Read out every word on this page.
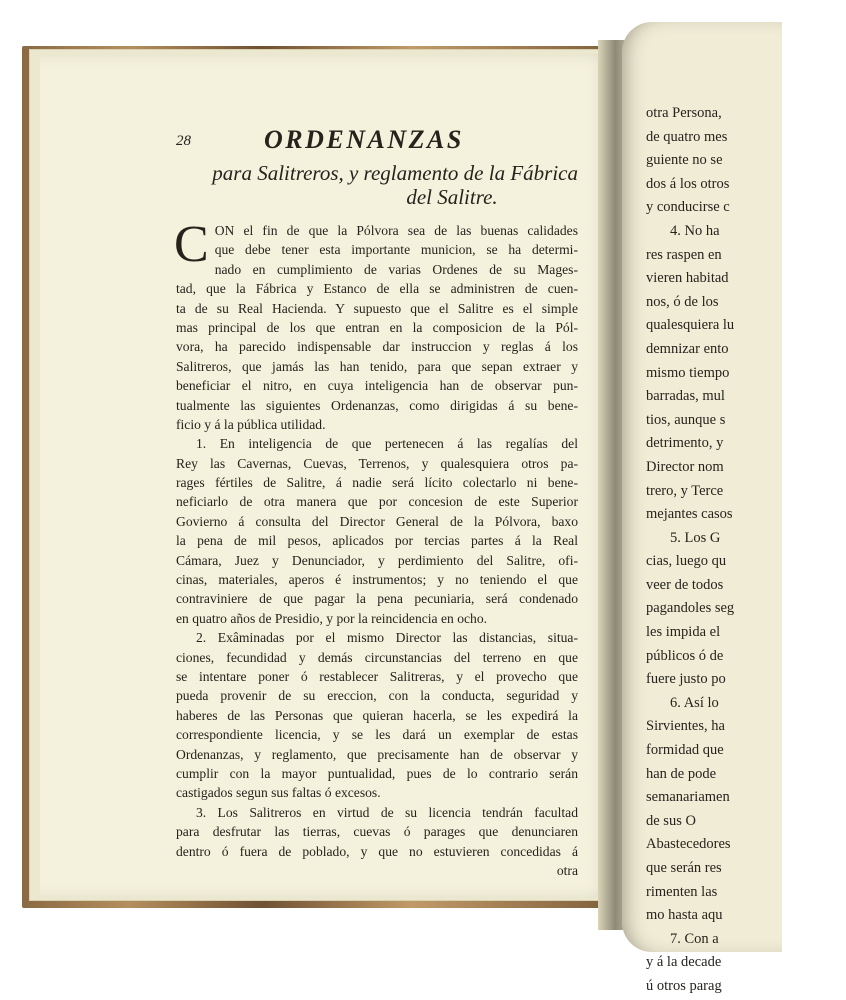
otra Persona,
de quatro mes
guiente no se
dos á los otros
y conducirse c
4. No ha
res raspen en
vieren habitad
nos, ó de los
qualesquiera lu
demnizar ento
mismo tiempo
barradas, mul
tios, aunque s
detrimento, y
Director nom
trero, y Terce
mejantes casos
5. Los G
cias, luego qu
veer de todos
pagandoles seg
les impida el
públicos ó de
fuere justo po
6. Así lo
Sirvientes, ha
formidad que
han de pode
semanariamen
de sus O
Abastecedores
que serán res
rimenten las
mo hasta aqu
7. Con a
y á la decade
ú otros parag
28	ORDENANZAS
para Salitreros, y reglamento de la Fábrica
del Salitre.
C ON el fin de que la Pólvora sea de las buenas calidades
que debe tener esta importante municion, se ha determi-
nado en cumplimiento de varias Ordenes de su Mages-
tad, que la Fábrica y Estanco de ella se administren de cuen-
ta de su Real Hacienda. Y supuesto que el Salitre es el simple
mas principal de los que entran en la composicion de la Pól-
vora, ha parecido indispensable dar instruccion y reglas á los
Salitreros, que jamás las han tenido, para que sepan extraer y
beneficiar el nitro, en cuya inteligencia han de observar pun-
tualmente las siguientes Ordenanzas, como dirigidas á su bene-
ficio y á la pública utilidad.
1. En inteligencia de que pertenecen á las regalías del
Rey las Cavernas, Cuevas, Terrenos, y qualesquiera otros pa-
rages fértiles de Salitre, á nadie será lícito colectarlo ni bene-
neficiarlo de otra manera que por concesion de este Superior
Govierno á consulta del Director General de la Pólvora, baxo
la pena de mil pesos, aplicados por tercias partes á la Real
Cámara, Juez y Denunciador, y perdimiento del Salitre, ofi-
cinas, materiales, aperos é instrumentos; y no teniendo el que
contraviniere de que pagar la pena pecuniaria, será condenado
en quatro años de Presidio, y por la reincidencia en ocho.
2. Exâminadas por el mismo Director las distancias, situa-
ciones, fecundidad y demás circunstancias del terreno en que
se intentare poner ó restablecer Salitreras, y el provecho que
pueda provenir de su ereccion, con la conducta, seguridad y
haberes de las Personas que quieran hacerla, se les expedirá la
correspondiente licencia, y se les dará un exemplar de estas
Ordenanzas, y reglamento, que precisamente han de observar y
cumplir con la mayor puntualidad, pues de lo contrario serán
castigados segun sus faltas ó excesos.
3. Los Salitreros en virtud de su licencia tendrán facultad
para desfrutar las tierras, cuevas ó parages que denunciaren
dentro ó fuera de poblado, y que no estuvieren concedidas á
otra
